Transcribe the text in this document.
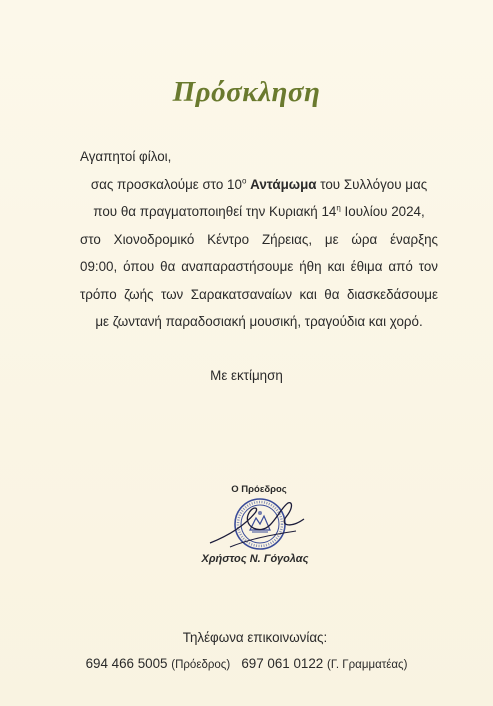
Πρόσκληση
Αγαπητοί φίλοι,
σας προσκαλούμε στο $10^o$ Αντάμωμα του Συλλόγου μας
που θα πραγματοποιηθεί την Κυριακή $14^\eta$ Ιουλίου 2024,
στο Χιονοδρομικό Κέντρο Ζήρειας, με ώρα έναρξης
09:00, όπου θα αναπαραστήσουμε ήθη και έθιμα από τον
τρόπο ζωής των Σαρακατσαναίων και θα διασκεδάσουμε
με ζωντανή παραδοσιακή μουσική, τραγούδια και χορό.
Με εκτίμηση
Ο Πρόεδρος
Χρήστος Ν. Γόγολας
Τηλέφωνα επικοινωνίας:
694 466 5005 (Πρόεδρος) 697 061 0122 (Γ. Γραμματέας)
